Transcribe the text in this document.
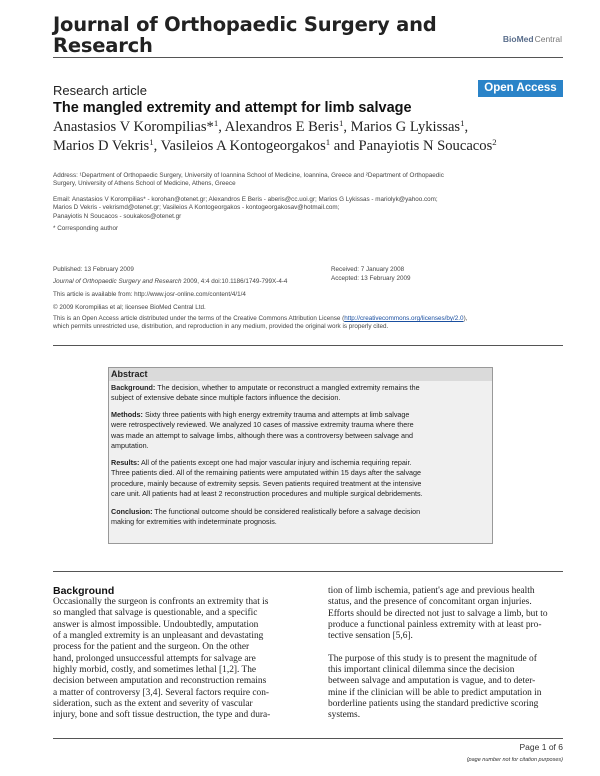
Journal of Orthopaedic Surgery and
Research	BioMedCentral
Research article	Open Access
The mangled extremity and attempt for limb salvage
Anastasios V Korompilias*$^1$, Alexandros E Beris$^1$, Marios G Lykissas$^1$,
Marios D Vekris$^1$, Vasileios A Kontogeorgakos$^1$ and Panayiotis N Soucacos$^2$
Address: ¹Department of Orthopaedic Surgery, University of Ioannina School of Medicine, Ioannina, Greece and ²Department of Orthopaedic
Surgery, University of Athens School of Medicine, Athens, Greece
Email: Anastasios V Korompilias* - korohan@otenet.gr; Alexandros E Beris - aberis@cc.uoi.gr; Marios G Lykissas - mariolyk@yahoo.com;
Marios D Vekris - vekrismd@otenet.gr; Vasileios A Kontogeorgakos - kontogeorgakosav@hotmail.com;
Panayiotis N Soucacos - soukakos@otenet.gr
* Corresponding author
Published: 13 February 2009
Journal of Orthopaedic Surgery and Research 2009, 4:4 doi:10.1186/1749-799X-4-4
This article is available from: http://www.josr-online.com/content/4/1/4
© 2009 Korompilias et al; licensee BioMed Central Ltd.
Received: 7 January 2008
Accepted: 13 February 2009
This is an Open Access article distributed under the terms of the Creative Commons Attribution License (http://creativecommons.org/licenses/by/2.0),
which permits unrestricted use, distribution, and reproduction in any medium, provided the original work is properly cited.
Abstract
Background: The decision, whether to amputate or reconstruct a mangled extremity remains the
subject of extensive debate since multiple factors influence the decision.
Methods: Sixty three patients with high energy extremity trauma and attempts at limb salvage
were retrospectively reviewed. We analyzed 10 cases of massive extremity trauma where there
was made an attempt to salvage limbs, although there was a controversy between salvage and
amputation.
Results: All of the patients except one had major vascular injury and ischemia requiring repair.
Three patients died. All of the remaining patients were amputated within 15 days after the salvage
procedure, mainly because of extremity sepsis. Seven patients required treatment at the intensive
care unit. All patients had at least 2 reconstruction procedures and multiple surgical debridements.
Conclusion: The functional outcome should be considered realistically before a salvage decision
making for extremities with indeterminate prognosis.
Background
Occasionally the surgeon is confronts an extremity that is
so mangled that salvage is questionable, and a specific
answer is almost impossible. Undoubtedly, amputation
of a mangled extremity is an unpleasant and devastating
process for the patient and the surgeon. On the other
hand, prolonged unsuccessful attempts for salvage are
highly morbid, costly, and sometimes lethal [1,2]. The
decision between amputation and reconstruction remains
a matter of controversy [3,4]. Several factors require con-
sideration, such as the extent and severity of vascular
injury, bone and soft tissue destruction, the type and dura-
tion of limb ischemia, patient's age and previous health
status, and the presence of concomitant organ injuries.
Efforts should be directed not just to salvage a limb, but to
produce a functional painless extremity with at least pro-
tective sensation [5,6].
The purpose of this study is to present the magnitude of
this important clinical dilemma since the decision
between salvage and amputation is vague, and to deter-
mine if the clinician will be able to predict amputation in
borderline patients using the standard predictive scoring
systems.
Page 1 of 6
(page number not for citation purposes)
